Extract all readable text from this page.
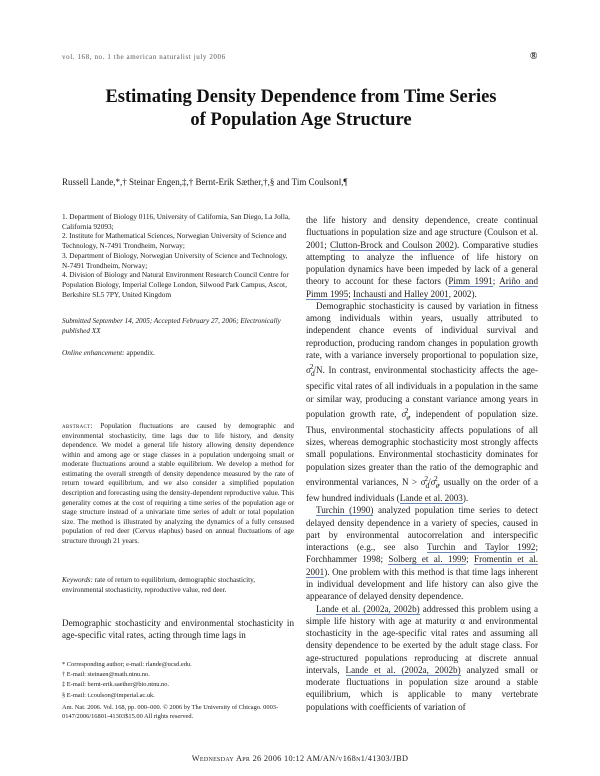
vol. 168, no. 1 the american naturalist july 2006	®
Estimating Density Dependence from Time Series
of Population Age Structure
Russell Lande,*,† Steinar Engen,‡,† Bernt-Erik Sæther,†,§ and Tim Coulson‖,¶

1. Department of Biology 0116, University of California, San Diego, La Jolla, California 92093;

2. Institute for Mathematical Sciences, Norwegian University of Science and Technology, N-7491 Trondheim, Norway;

3. Department of Biology, Norwegian University of Science and Technology, N-7491 Trondheim, Norway;

4. Division of Biology and Natural Environment Research Council Centre for Population Biology, Imperial College London, Silwood Park Campus, Ascot, Berkshire SL5 7PY, United Kingdom

Submitted September 14, 2005; Accepted February 27, 2006; Electronically published XX
Online enhancement: appendix.
abstract: Population fluctuations are caused by demographic and environmental stochasticity, time lags due to life history, and density dependence. We model a general life history allowing density dependence within and among age or stage classes in a population undergoing small or moderate fluctuations around a stable equilibrium. We develop a method for estimating the overall strength of density dependence measured by the rate of return toward equilibrium, and we also consider a simplified population description and forecasting using the density-dependent reproductive value. This generality comes at the cost of requiring a time series of the population age or stage structure instead of a univariate time series of adult or total population size. The method is illustrated by analyzing the dynamics of a fully censused population of red deer (Cervus elaphus) based on annual fluctuations of age structure through 21 years.
Keywords: rate of return to equilibrium, demographic stochasticity, environmental stochasticity, reproductive value, red deer.
Demographic stochasticity and environmental stochasticity in age-specific vital rates, acting through time lags in
* Corresponding author; e-mail: rlande@ucsd.edu.
† E-mail: steinaen@math.ntnu.no.
‡ E-mail: bernt-erik.saether@bio.ntnu.no.
§ E-mail: t.coulson@imperial.ac.uk.
Am. Nat. 2006. Vol. 168, pp. 000–000. © 2006 by The University of Chicago. 0003-0147/2006/16801-41303$15.00 All rights reserved.

the life history and density dependence, create continual fluctuations in population size and age structure (Coulson et al. 2001; Clutton-Brock and Coulson 2002). Comparative studies attempting to analyze the influence of life history on population dynamics have been impeded by lack of a general theory to account for these factors (Pimm 1991; Ariño and Pimm 1995; Inchausti and Halley 2001, 2002).

Demographic stochasticity is caused by variation in fitness among individuals within years, usually attributed to independent chance events of individual survival and reproduction, producing random changes in population growth rate, with a variance inversely proportional to population size, $\sigma_d^2/N$. In contrast, environmental stochasticity affects the age-specific vital rates of all individuals in a population in the same or similar way, producing a constant variance among years in population growth rate, $\sigma_e^2$, independent of population size. Thus, environmental stochasticity affects populations of all sizes, whereas demographic stochasticity most strongly affects small populations. Environmental stochasticity dominates for population sizes greater than the ratio of the demographic and environmental variances, $N > \sigma_d^2/\sigma_e^2$, usually on the order of a few hundred individuals (Lande et al. 2003).

Turchin (1990) analyzed population time series to detect delayed density dependence in a variety of species, caused in part by environmental autocorrelation and interspecific interactions (e.g., see also Turchin and Taylor 1992; Forchhammer 1998; Solberg et al. 1999; Fromentin et al. 2001). One problem with this method is that time lags inherent in individual development and life history can also give the appearance of delayed density dependence.

Lande et al. (2002a, 2002b) addressed this problem using a simple life history with age at maturity α and environmental stochasticity in the age-specific vital rates and assuming all density dependence to be exerted by the adult stage class. For age-structured populations reproducing at discrete annual intervals, Lande et al. (2002a, 2002b) analyzed small or moderate fluctuations in population size around a stable equilibrium, which is applicable to many vertebrate populations with coefficients of variation of

Wednesday Apr 26 2006 10:12 AM/AN/v168n1/41303/JBD
